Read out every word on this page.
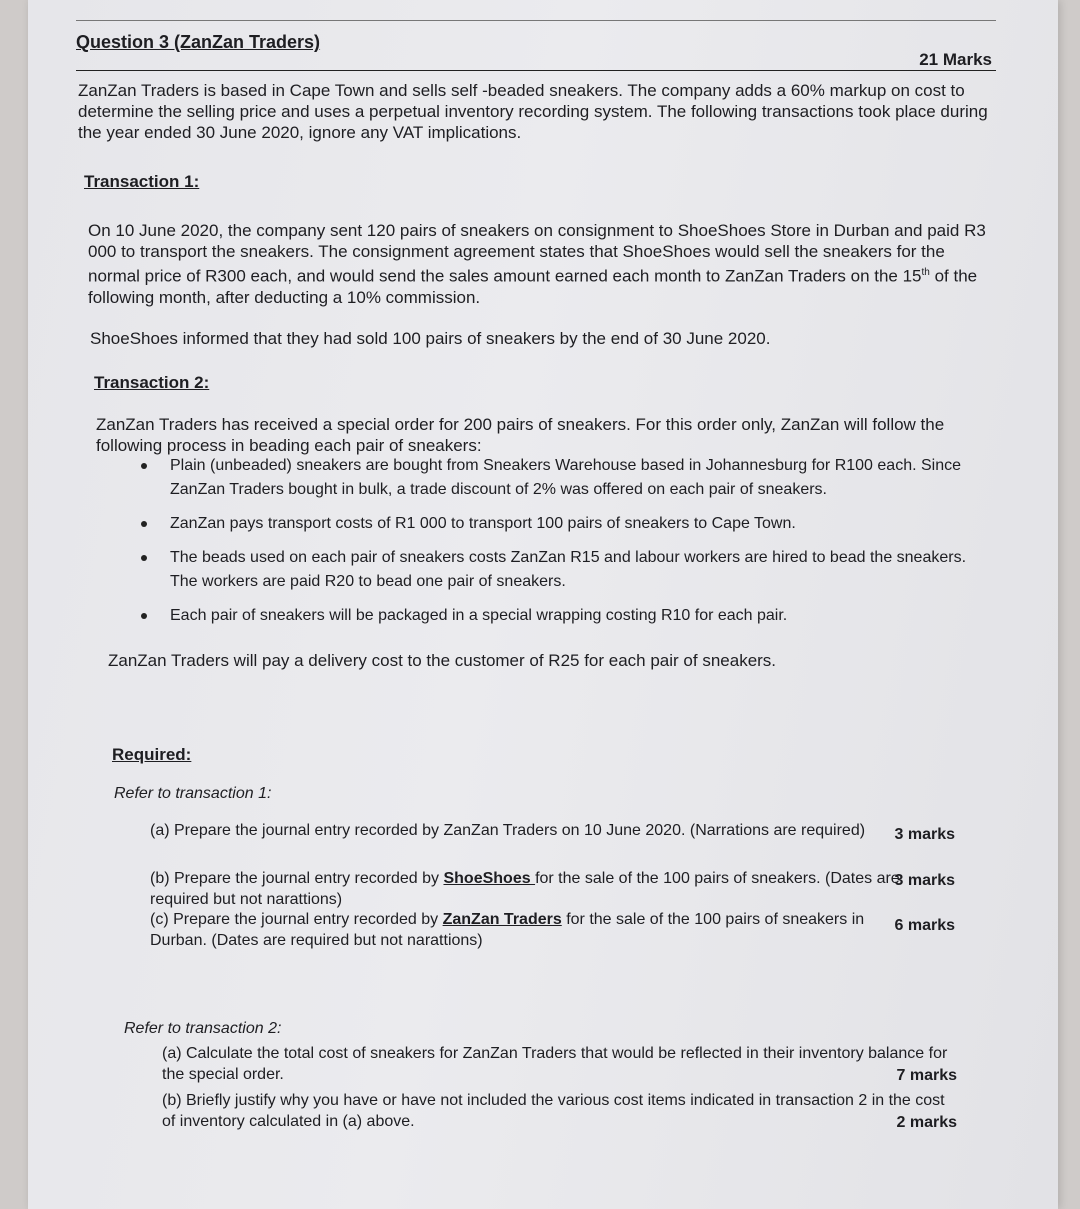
Question 3 (ZanZan Traders)
21 Marks
ZanZan Traders is based in Cape Town and sells self -beaded sneakers. The company adds a 60% markup on cost to determine the selling price and uses a perpetual inventory recording system. The following transactions took place during the year ended 30 June 2020, ignore any VAT implications.
Transaction 1:
On 10 June 2020, the company sent 120 pairs of sneakers on consignment to ShoeShoes Store in Durban and paid R3 000 to transport the sneakers. The consignment agreement states that ShoeShoes would sell the sneakers for the normal price of R300 each, and would send the sales amount earned each month to ZanZan Traders on the 15th of the following month, after deducting a 10% commission.
ShoeShoes informed that they had sold 100 pairs of sneakers by the end of 30 June 2020.
Transaction 2:
ZanZan Traders has received a special order for 200 pairs of sneakers. For this order only, ZanZan will follow the following process in beading each pair of sneakers:
Plain (unbeaded) sneakers are bought from Sneakers Warehouse based in Johannesburg for R100 each. Since ZanZan Traders bought in bulk, a trade discount of 2% was offered on each pair of sneakers.
ZanZan pays transport costs of R1 000 to transport 100 pairs of sneakers to Cape Town.
The beads used on each pair of sneakers costs ZanZan R15 and labour workers are hired to bead the sneakers. The workers are paid R20 to bead one pair of sneakers.
Each pair of sneakers will be packaged in a special wrapping costing R10 for each pair.
ZanZan Traders will pay a delivery cost to the customer of R25 for each pair of sneakers.
Required:
Refer to transaction 1:
(a) Prepare the journal entry recorded by ZanZan Traders on 10 June 2020. (Narrations are required)	3 marks
(b) Prepare the journal entry recorded by ShoeShoes for the sale of the 100 pairs of sneakers. (Dates are required but not narattions)
3 marks
(c) Prepare the journal entry recorded by ZanZan Traders for the sale of the 100 pairs of sneakers in Durban. (Dates are required but not narattions)
6 marks
Refer to transaction 2:
(a) Calculate the total cost of sneakers for ZanZan Traders that would be reflected in their inventory balance for the special order.	7 marks
(b) Briefly justify why you have or have not included the various cost items indicated in transaction 2 in the cost of inventory calculated in (a) above.	2 marks
